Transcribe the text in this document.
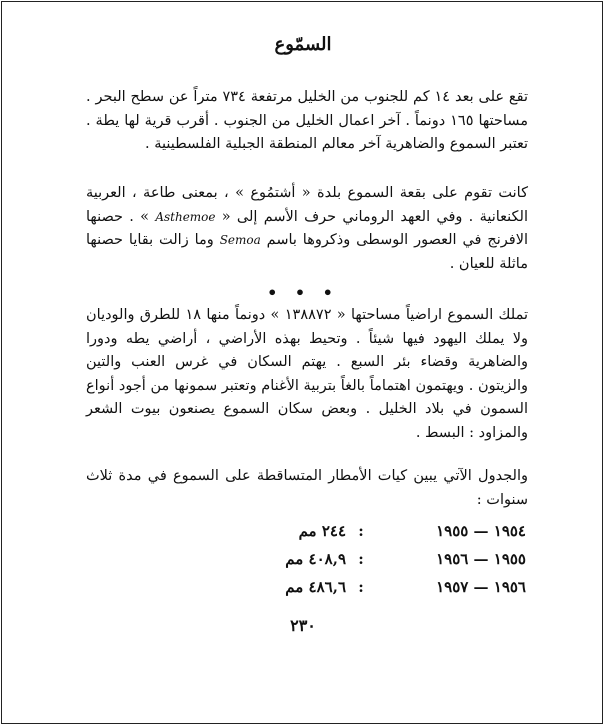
السمّوع
تقع على بعد ١٤ كم للجنوب من الخليل مرتفعة ٧٣٤ متراً عن سطح البحر . مساحتها ١٦٥ دونماً . آخر اعمال الخليل من الجنوب . أقرب قرية لها يطة . تعتبر السموع والضاهرية آخر معالم المنطقة الجبلية الفلسطينية .
كانت تقوم على بقعة السموع بلدة « أشتمُوع » ، بمعنى طاعة ، العربية الكنعانية . وفي العهد الروماني حرف الأسم إلى « Asthemoe » . حصنها الافرنج في العصور الوسطى وذكروها باسم Semoa وما زالت بقايا حصنها ماثلة للعيان .
• • •
تملك السموع اراضياً مساحتها « ١٣٨٨٧٢ » دونماً منها ١٨ للطرق والوديان ولا يملك اليهود فيها شيئاً . وتحيط بهذه الأراضي ، أراضي يطه ودورا والضاهرية وقضاء بئر السبع . يهتم السكان في غرس العنب والتين والزيتون . ويهتمون اهتماماً بالغاً بتربية الأغنام وتعتبر سمونها من أجود أنواع السمون في بلاد الخليل . وبعض سكان السموع يصنعون بيوت الشعر والمزاود : البسط .
والجدول الآتي يبين كيات الأمطار المتساقطة على السموع في مدة ثلاث سنوات :
١٩٥٤ — ١٩٥٥
:
٢٤٤ مم
١٩٥٥ — ١٩٥٦
:
٤٠٨,٩ مم
١٩٥٦ — ١٩٥٧
:
٤٨٦,٦ مم
٢٣٠
